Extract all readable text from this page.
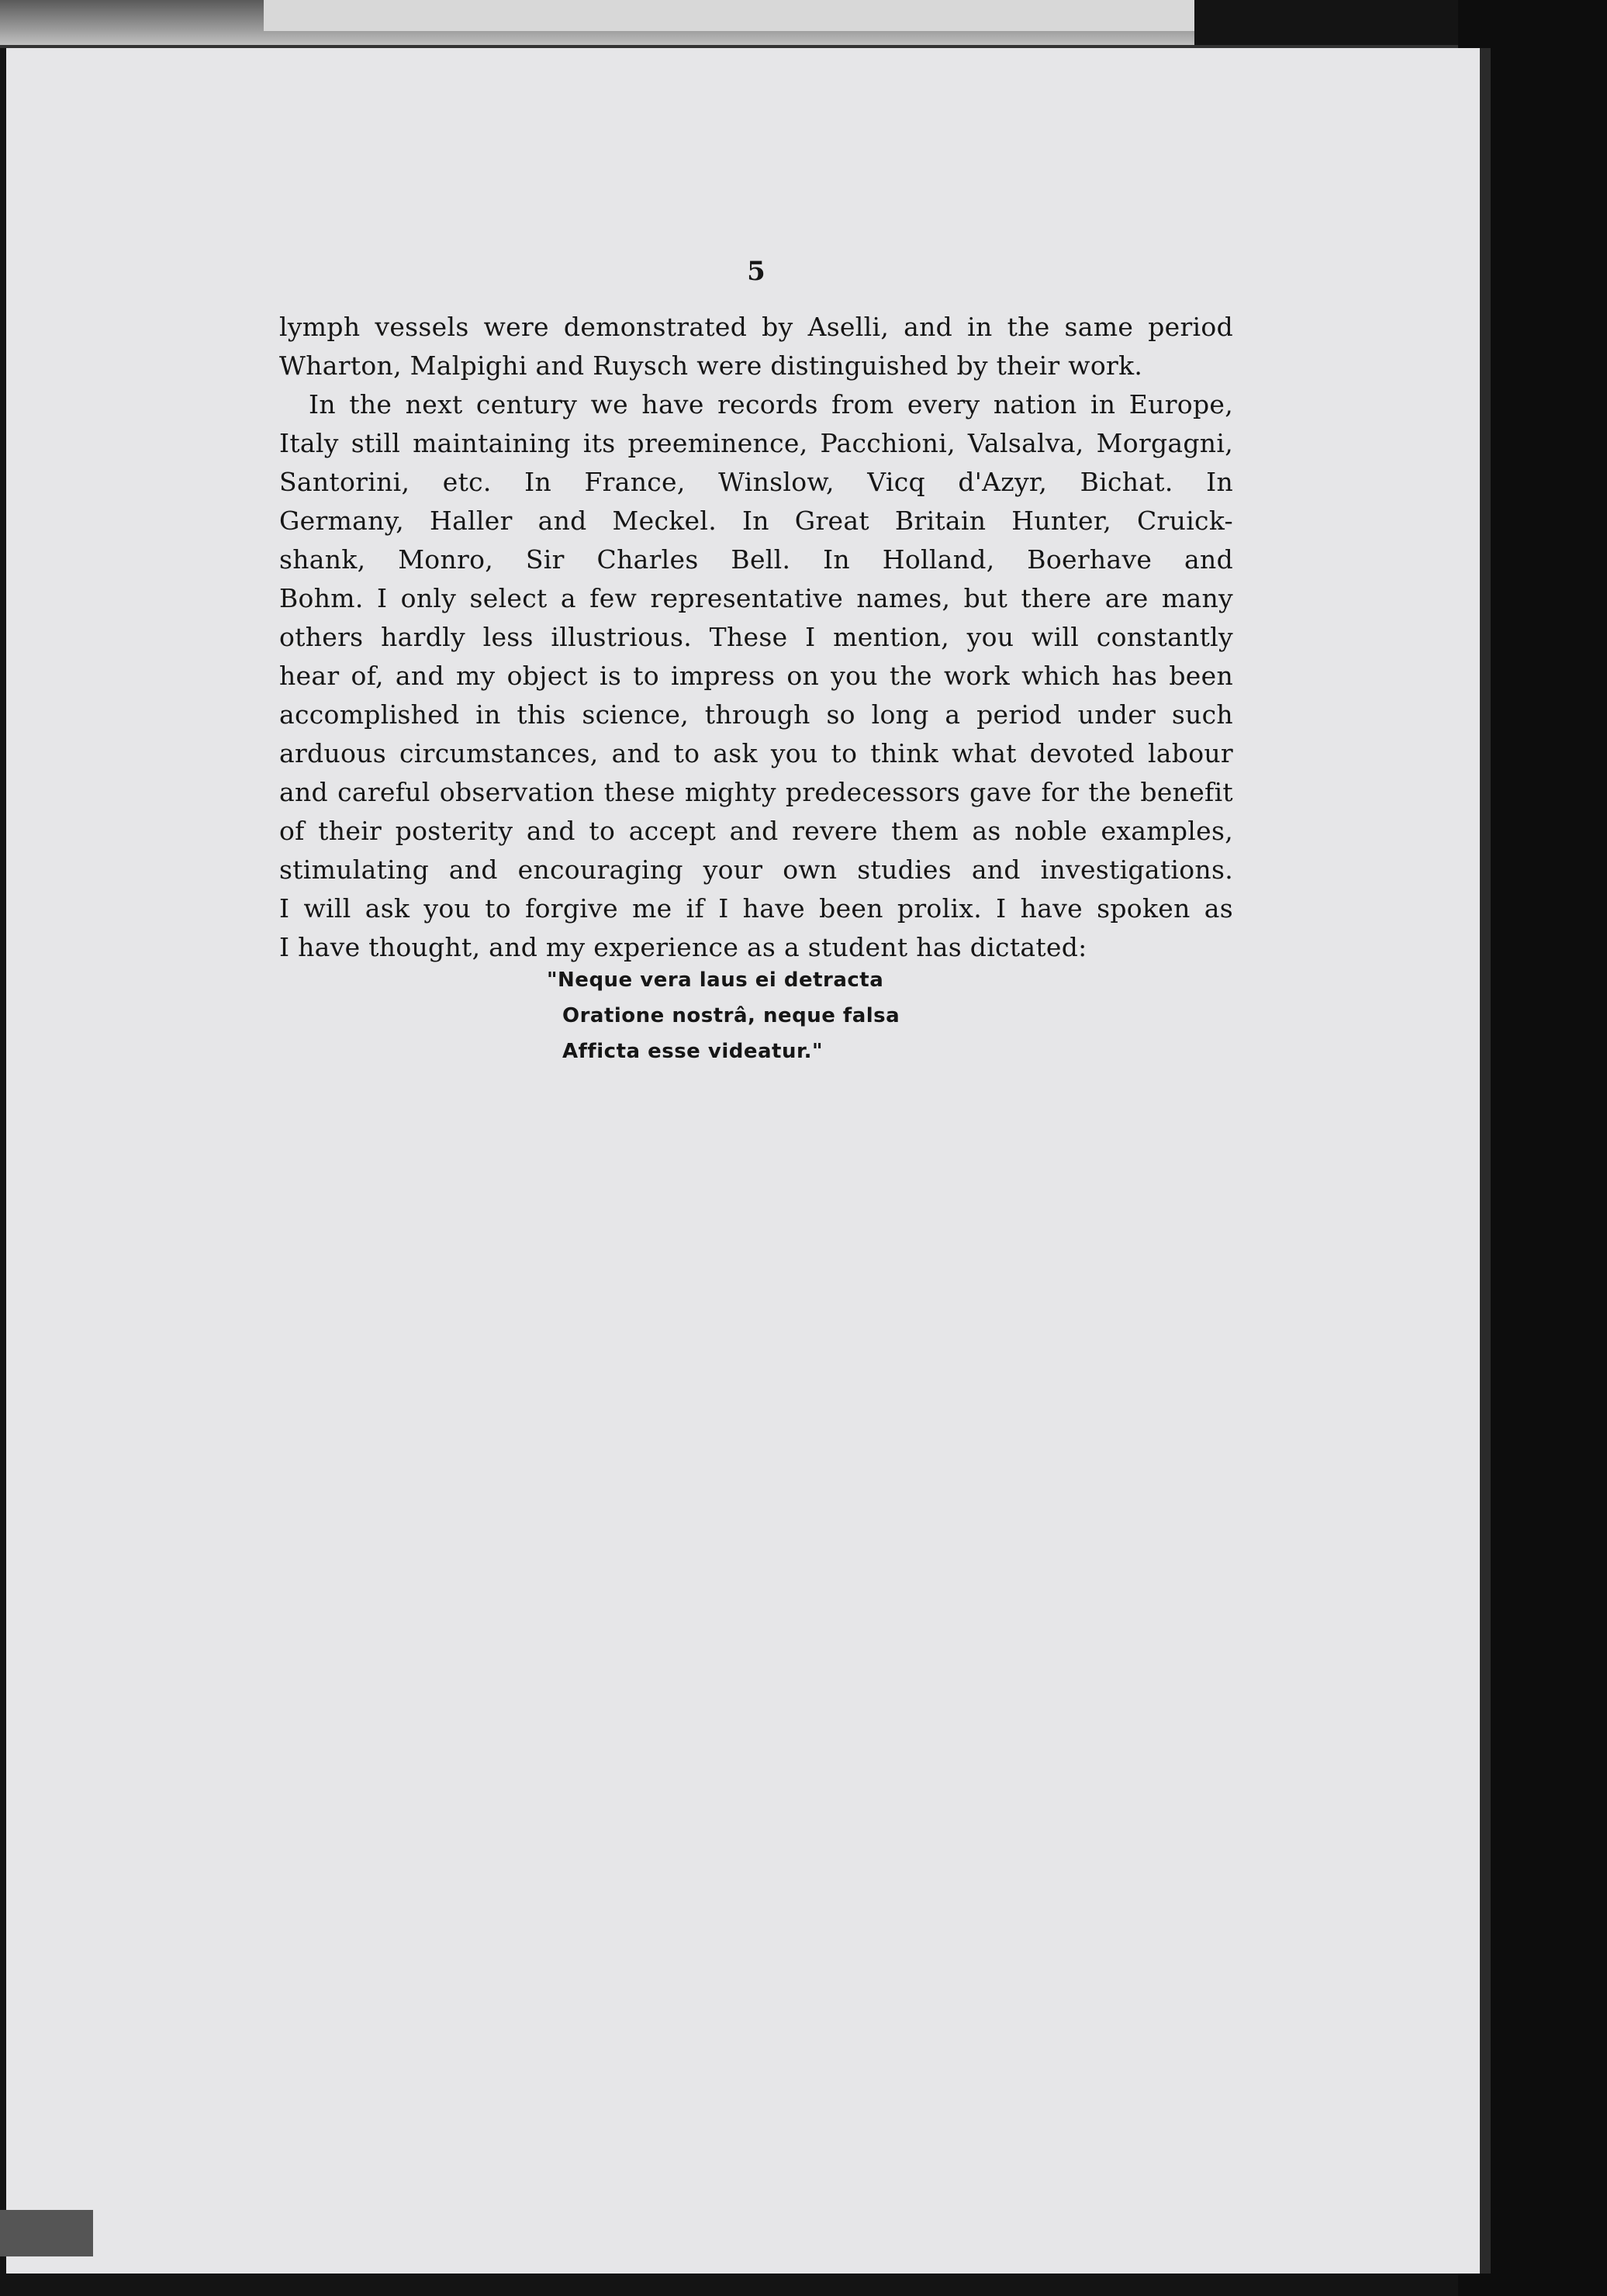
5
lymph vessels were demonstrated by Aselli, and in the same period
Wharton, Malpighi and Ruysch were distinguished by their work.
In the next century we have records from every nation in Europe,
Italy still maintaining its preeminence, Pacchioni, Valsalva, Morgagni,
Santorini, etc. In France, Winslow, Vicq d'Azyr, Bichat. In
Germany, Haller and Meckel. In Great Britain Hunter, Cruick-
shank, Monro, Sir Charles Bell. In Holland, Boerhave and
Bohm. I only select a few representative names, but there are many
others hardly less illustrious. These I mention, you will constantly
hear of, and my object is to impress on you the work which has been
accomplished in this science, through so long a period under such
arduous circumstances, and to ask you to think what devoted labour
and careful observation these mighty predecessors gave for the benefit
of their posterity and to accept and revere them as noble examples,
stimulating and encouraging your own studies and investigations.
I will ask you to forgive me if I have been prolix. I have spoken as
I have thought, and my experience as a student has dictated:
"Neque vera laus ei detracta
Oratione nostrâ, neque falsa
Afficta esse videatur."
